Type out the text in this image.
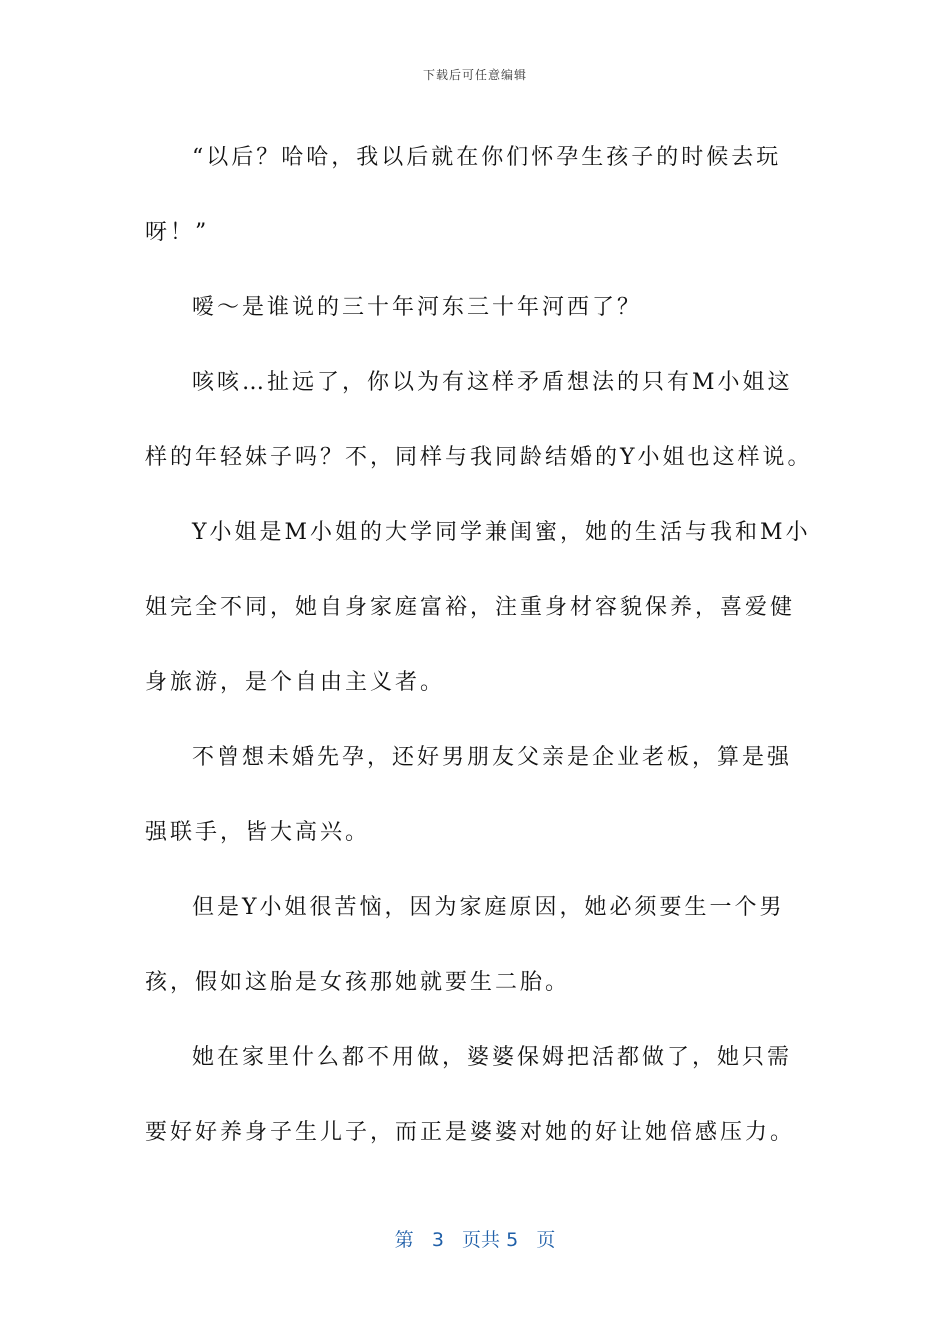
下载后可任意编辑

“以后？哈哈，我以后就在你们怀孕生孩子的时候去玩呀！”

嗳～是谁说的三十年河东三十年河西了？

咳咳…扯远了，你以为有这样矛盾想法的只有M小姐这样的年轻妹子吗？不，同样与我同龄结婚的Y小姐也这样说。

Y小姐是M小姐的大学同学兼闺蜜，她的生活与我和M小姐完全不同，她自身家庭富裕，注重身材容貌保养，喜爱健身旅游，是个自由主义者。

不曾想未婚先孕，还好男朋友父亲是企业老板，算是强强联手，皆大高兴。

但是Y小姐很苦恼，因为家庭原因，她必须要生一个男孩，假如这胎是女孩那她就要生二胎。

她在家里什么都不用做，婆婆保姆把活都做了，她只需要好好养身子生儿子，而正是婆婆对她的好让她倍感压力。

第 3 页共 5 页
